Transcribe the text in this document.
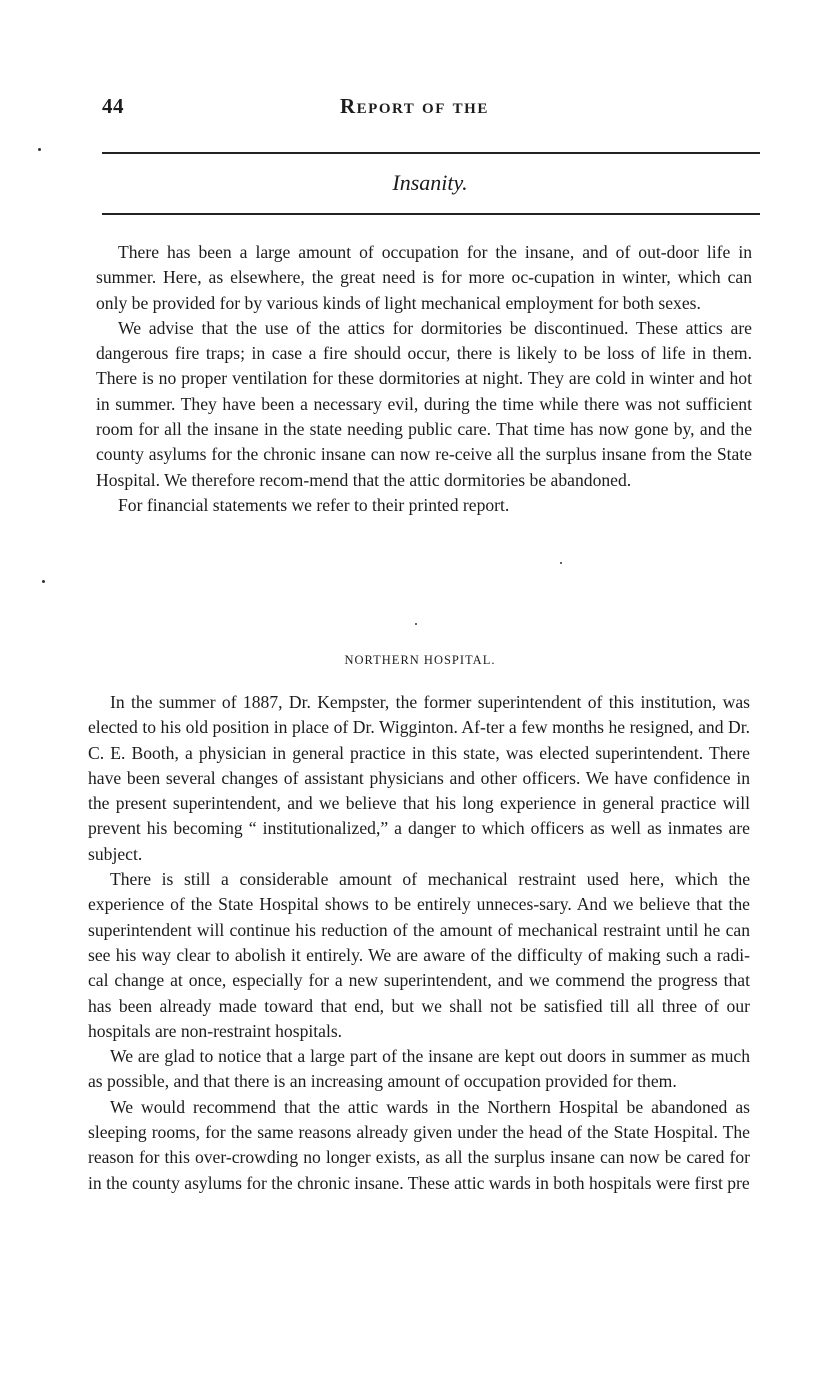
44	Report of the
Insanity.

There has been a large amount of occupation for the insane, and of out-door life in summer. Here, as elsewhere, the great need is for more oc-cupation in winter, which can only be provided for by various kinds of light mechanical employment for both sexes.

We advise that the use of the attics for dormitories be discontinued. These attics are dangerous fire traps; in case a fire should occur, there is likely to be loss of life in them. There is no proper ventilation for these dormitories at night. They are cold in winter and hot in summer. They have been a necessary evil, during the time while there was not sufficient room for all the insane in the state needing public care. That time has now gone by, and the county asylums for the chronic insane can now re-ceive all the surplus insane from the State Hospital. We therefore recom-mend that the attic dormitories be abandoned.

For financial statements we refer to their printed report.

NORTHERN HOSPITAL.

In the summer of 1887, Dr. Kempster, the former superintendent of this institution, was elected to his old position in place of Dr. Wigginton. Af-ter a few months he resigned, and Dr. C. E. Booth, a physician in general practice in this state, was elected superintendent. There have been several changes of assistant physicians and other officers. We have confidence in the present superintendent, and we believe that his long experience in general practice will prevent his becoming “ institutionalized,” a danger to which officers as well as inmates are subject.

There is still a considerable amount of mechanical restraint used here, which the experience of the State Hospital shows to be entirely unneces-sary. And we believe that the superintendent will continue his reduction of the amount of mechanical restraint until he can see his way clear to abolish it entirely. We are aware of the difficulty of making such a radi-cal change at once, especially for a new superintendent, and we commend the progress that has been already made toward that end, but we shall not be satisfied till all three of our hospitals are non-restraint hospitals.

We are glad to notice that a large part of the insane are kept out doors in summer as much as possible, and that there is an increasing amount of occupation provided for them.

We would recommend that the attic wards in the Northern Hospital be abandoned as sleeping rooms, for the same reasons already given under the head of the State Hospital. The reason for this over-crowding no longer exists, as all the surplus insane can now be cared for in the county asylums for the chronic insane. These attic wards in both hospitals were first pre
